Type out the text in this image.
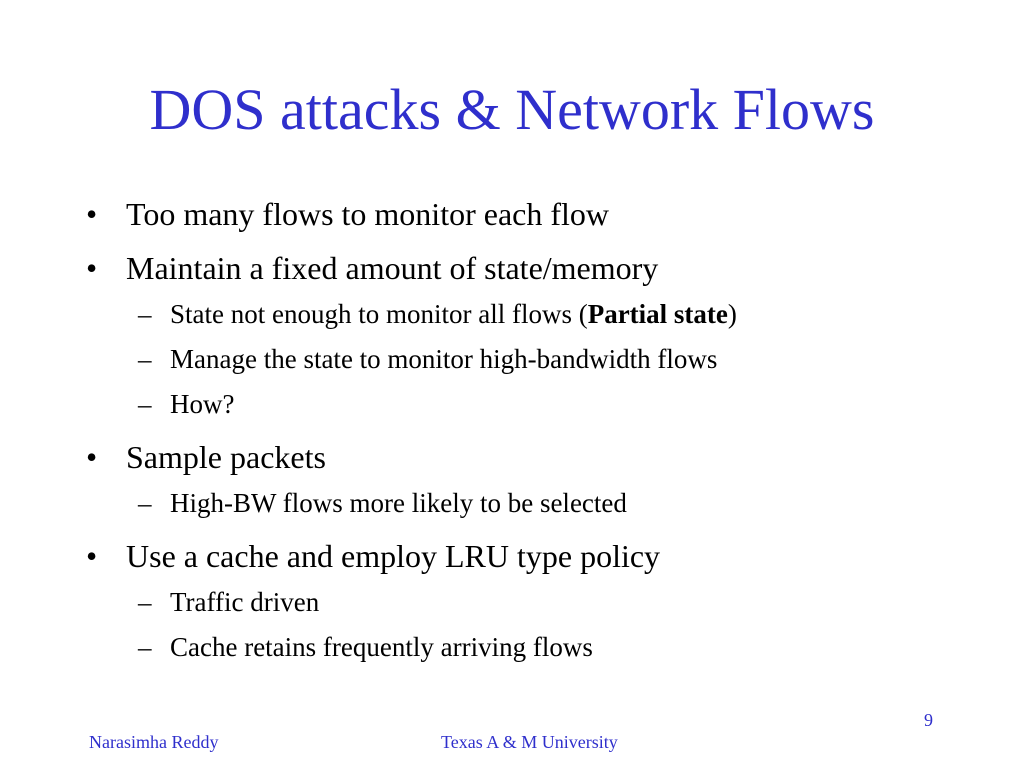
DOS attacks & Network Flows
• Too many flows to monitor each flow
• Maintain a fixed amount of state/memory
– State not enough to monitor all flows (Partial state)
– Manage the state to monitor high-bandwidth flows
– How?
• Sample packets
– High-BW flows more likely to be selected
• Use a cache and employ LRU type policy
– Traffic driven
– Cache retains frequently arriving flows
9
Narasimha Reddy	Texas A & M University
